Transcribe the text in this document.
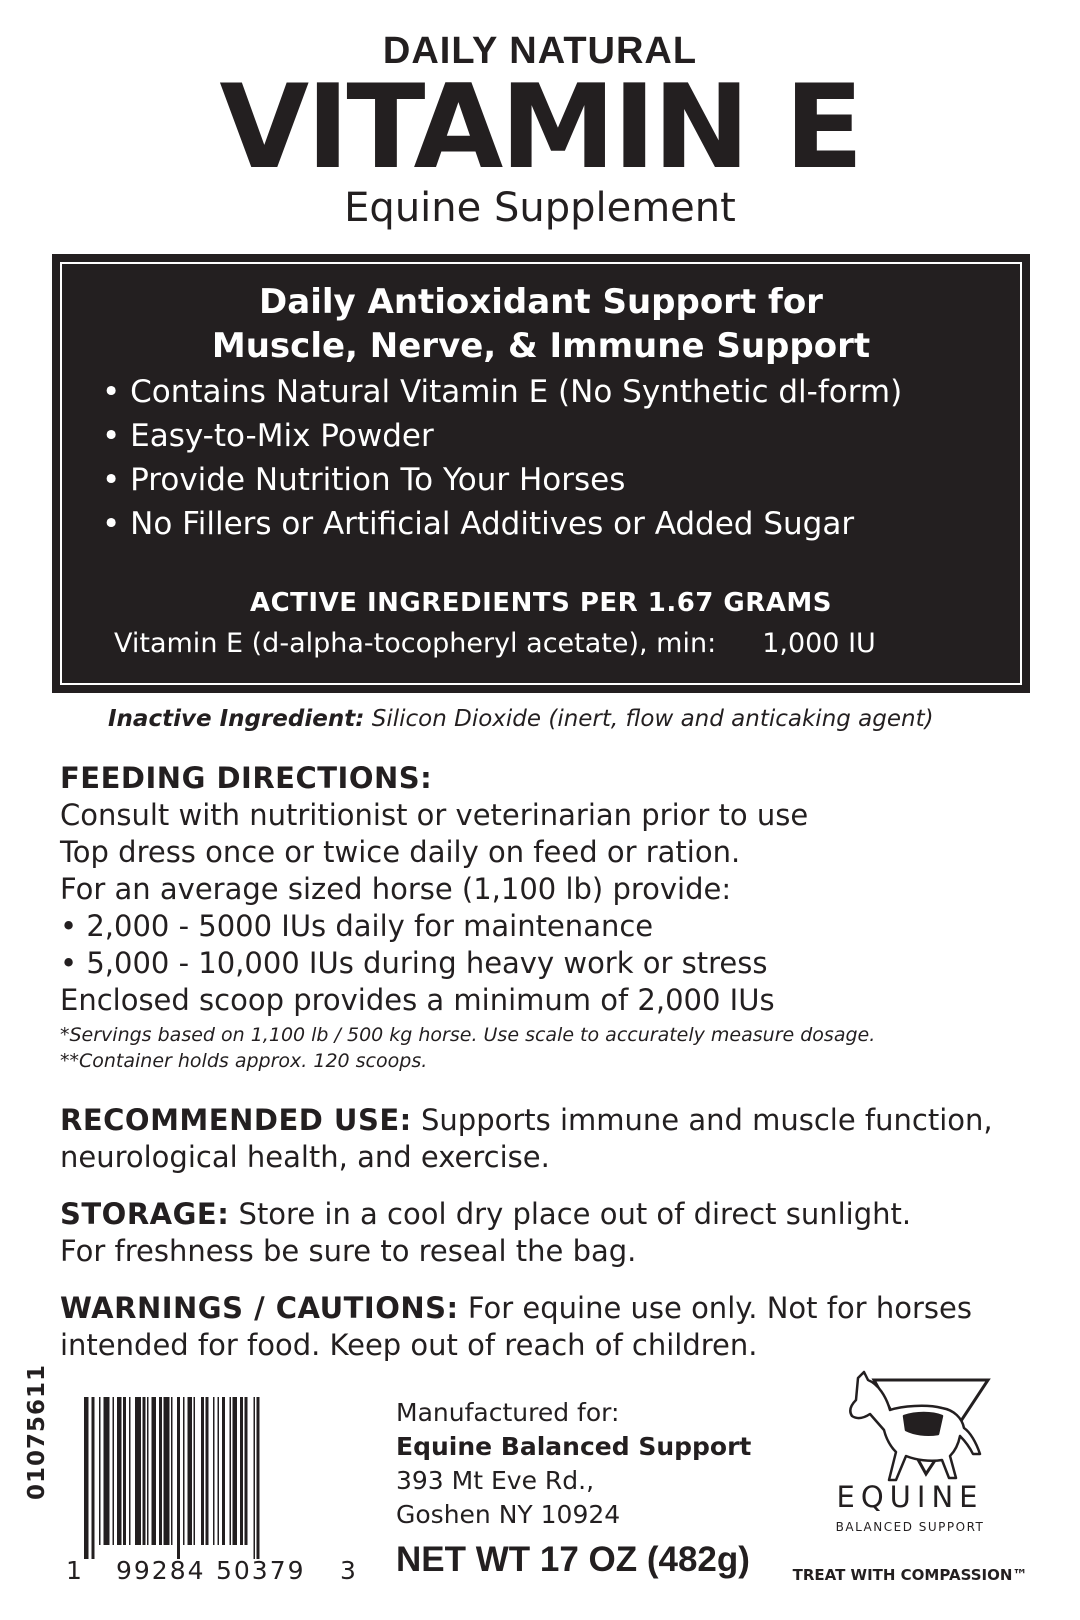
DAILY NATURAL
VITAMIN E
Equine Supplement
Daily Antioxidant Support for
Muscle, Nerve, & Immune Support
• Contains Natural Vitamin E (No Synthetic dl-form)
• Easy-to-Mix Powder
• Provide Nutrition To Your Horses
• No Fillers or Artificial Additives or Added Sugar
ACTIVE INGREDIENTS PER 1.67 GRAMS
Vitamin E (d-alpha-tocopheryl acetate), min: 1,000 IU
Inactive Ingredient: Silicon Dioxide (inert, flow and anticaking agent)
FEEDING DIRECTIONS:
Consult with nutritionist or veterinarian prior to use
Top dress once or twice daily on feed or ration.
For an average sized horse (1,100 lb) provide:
• 2,000 - 5000 IUs daily for maintenance
• 5,000 - 10,000 IUs during heavy work or stress
Enclosed scoop provides a minimum of 2,000 IUs
*Servings based on 1,100 lb / 500 kg horse. Use scale to accurately measure dosage.
**Container holds approx. 120 scoops.
RECOMMENDED USE: Supports immune and muscle function,
neurological health, and exercise.
STORAGE: Store in a cool dry place out of direct sunlight.
For freshness be sure to reseal the bag.
WARNINGS / CAUTIONS: For equine use only. Not for horses
intended for food. Keep out of reach of children.
01075611
1 99284 50379 3
Manufactured for:
Equine Balanced Support
393 Mt Eve Rd.,
Goshen NY 10924
NET WT 17 OZ (482g)
EQUINE
BALANCED SUPPORT
TREAT WITH COMPASSION™
